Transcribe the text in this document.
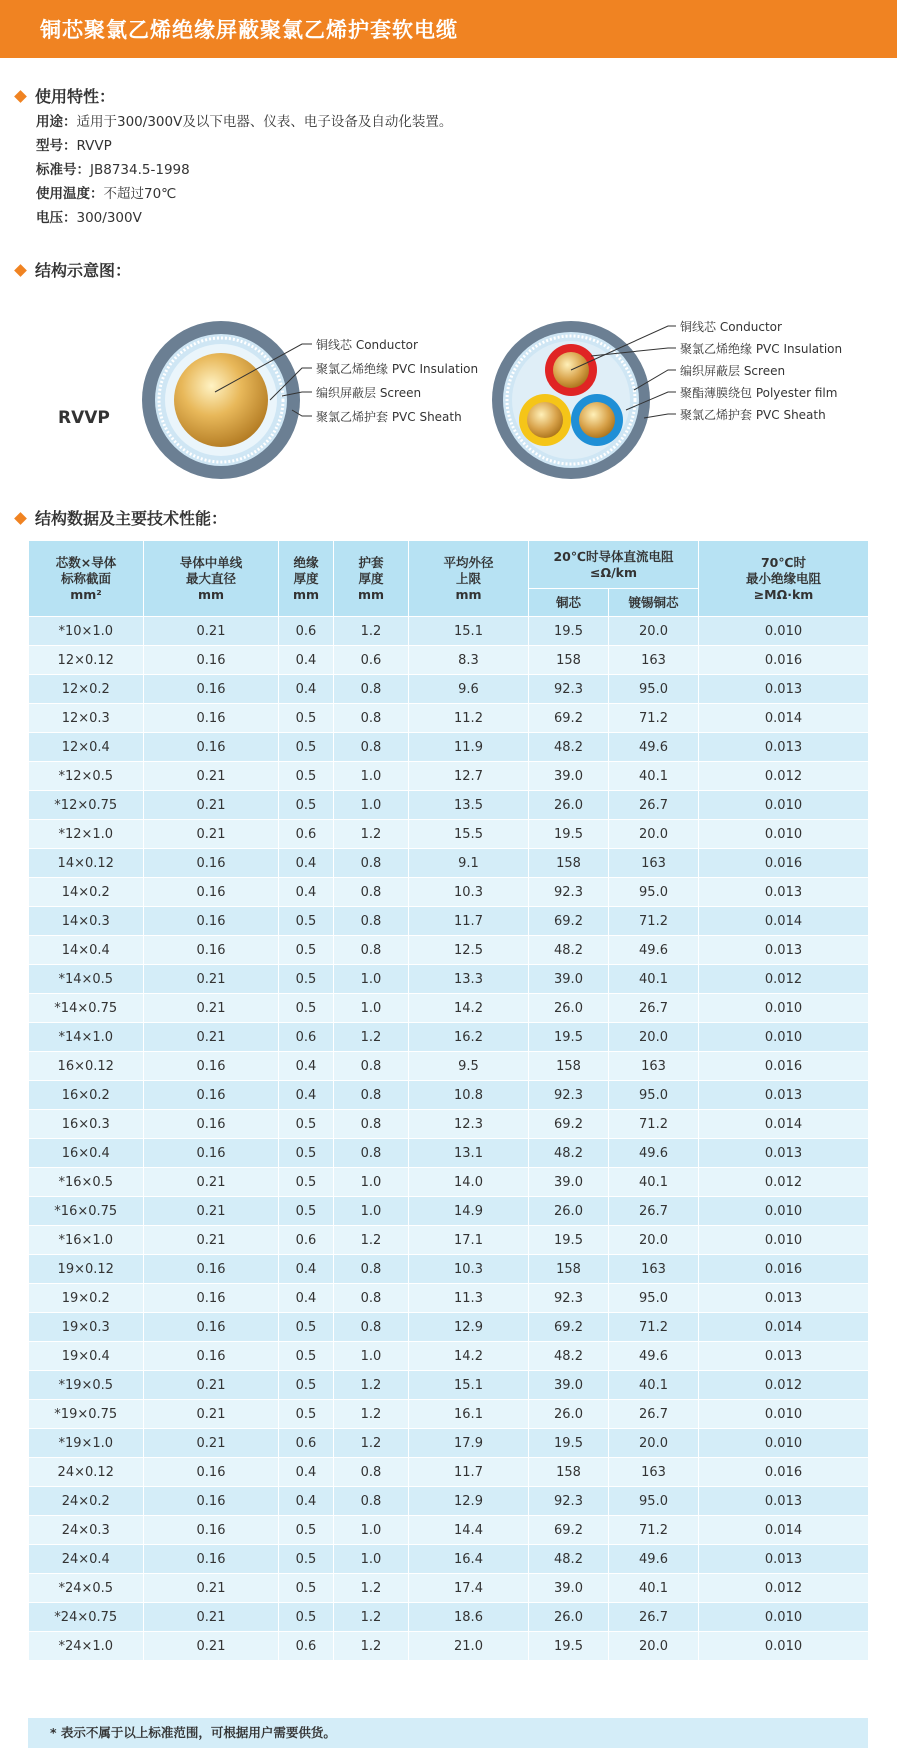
铜芯聚氯乙烯绝缘屏蔽聚氯乙烯护套软电缆
使用特性：
用途：适用于300/300V及以下电器、仪表、电子设备及自动化装置。
型号：RVVP
标准号：JB8734.5-1998
使用温度：不超过70℃
电压：300/300V
结构示意图：
RVVP
铜线芯 Conductor
聚氯乙烯绝缘 PVC Insulation
编织屏蔽层 Screen
聚氯乙烯护套 PVC Sheath
铜线芯 Conductor
聚氯乙烯绝缘 PVC Insulation
编织屏蔽层 Screen
聚酯薄膜绕包 Polyester film
聚氯乙烯护套 PVC Sheath
结构数据及主要技术性能：
芯数×导体
标称截面
mm²	导体中单线
最大直径
mm	绝缘
厚度
mm	护套
厚度
mm	平均外径
上限
mm	20℃时导体直流电阻
≤Ω/km		70℃时
最小绝缘电阻
≥MΩ·km
					铜芯	镀锡铜芯	
*10×1.0	0.21	0.6	1.2	15.1	19.5	20.0	0.010
12×0.12	0.16	0.4	0.6	8.3	158	163	0.016
12×0.2	0.16	0.4	0.8	9.6	92.3	95.0	0.013
12×0.3	0.16	0.5	0.8	11.2	69.2	71.2	0.014
12×0.4	0.16	0.5	0.8	11.9	48.2	49.6	0.013
*12×0.5	0.21	0.5	1.0	12.7	39.0	40.1	0.012
*12×0.75	0.21	0.5	1.0	13.5	26.0	26.7	0.010
*12×1.0	0.21	0.6	1.2	15.5	19.5	20.0	0.010
14×0.12	0.16	0.4	0.8	9.1	158	163	0.016
14×0.2	0.16	0.4	0.8	10.3	92.3	95.0	0.013
14×0.3	0.16	0.5	0.8	11.7	69.2	71.2	0.014
14×0.4	0.16	0.5	0.8	12.5	48.2	49.6	0.013
*14×0.5	0.21	0.5	1.0	13.3	39.0	40.1	0.012
*14×0.75	0.21	0.5	1.0	14.2	26.0	26.7	0.010
*14×1.0	0.21	0.6	1.2	16.2	19.5	20.0	0.010
16×0.12	0.16	0.4	0.8	9.5	158	163	0.016
16×0.2	0.16	0.4	0.8	10.8	92.3	95.0	0.013
16×0.3	0.16	0.5	0.8	12.3	69.2	71.2	0.014
16×0.4	0.16	0.5	0.8	13.1	48.2	49.6	0.013
*16×0.5	0.21	0.5	1.0	14.0	39.0	40.1	0.012
*16×0.75	0.21	0.5	1.0	14.9	26.0	26.7	0.010
*16×1.0	0.21	0.6	1.2	17.1	19.5	20.0	0.010
19×0.12	0.16	0.4	0.8	10.3	158	163	0.016
19×0.2	0.16	0.4	0.8	11.3	92.3	95.0	0.013
19×0.3	0.16	0.5	0.8	12.9	69.2	71.2	0.014
19×0.4	0.16	0.5	1.0	14.2	48.2	49.6	0.013
*19×0.5	0.21	0.5	1.2	15.1	39.0	40.1	0.012
*19×0.75	0.21	0.5	1.2	16.1	26.0	26.7	0.010
*19×1.0	0.21	0.6	1.2	17.9	19.5	20.0	0.010
24×0.12	0.16	0.4	0.8	11.7	158	163	0.016
24×0.2	0.16	0.4	0.8	12.9	92.3	95.0	0.013
24×0.3	0.16	0.5	1.0	14.4	69.2	71.2	0.014
24×0.4	0.16	0.5	1.0	16.4	48.2	49.6	0.013
*24×0.5	0.21	0.5	1.2	17.4	39.0	40.1	0.012
*24×0.75	0.21	0.5	1.2	18.6	26.0	26.7	0.010
*24×1.0	0.21	0.6	1.2	21.0	19.5	20.0	0.010
* 表示不属于以上标准范围，可根据用户需要供货。
